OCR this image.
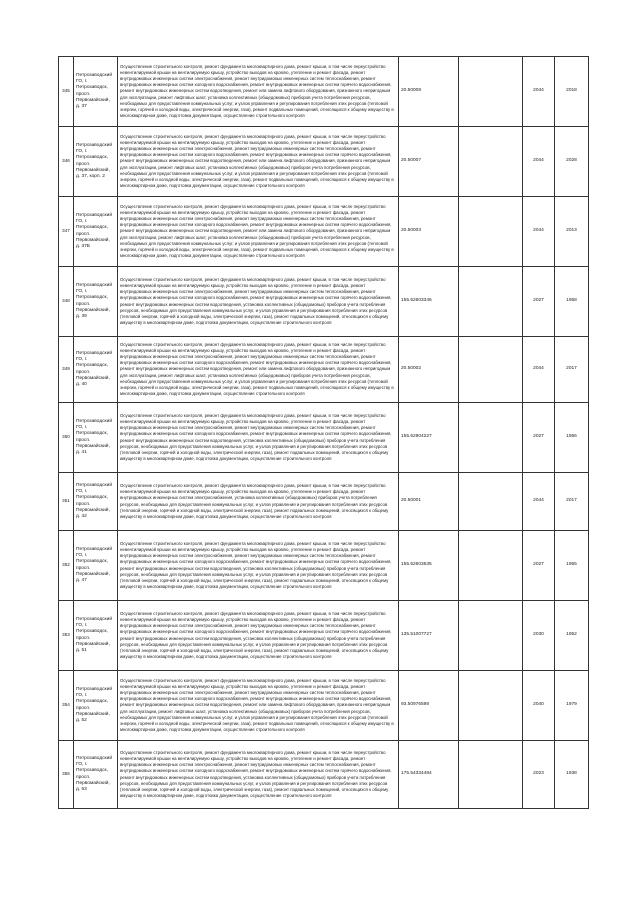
345	Петрозаводский ГО, г. Петрозаводск, просп. Первомайский, д. 37	Осуществление строительного контроля, ремонт фундамента многоквартирного дома, ремонт крыши, в том числе переустройство невентилируемой крыши на вентилируемую крышу, устройство выходов на кровлю, утепление и ремонт фасада, ремонт внутридомовых инженерных систем электроснабжения, ремонт внутридомовых инженерных систем теплоснабжения, ремонт внутридомовых инженерных систем холодного водоснабжения, ремонт внутридомовых инженерных систем горячего водоснабжения, ремонт внутридомовых инженерных систем водоотведения, ремонт или замена лифтового оборудования, признанного непригодным для эксплуатации, ремонт лифтовых шахт, установка коллективных (общедомовых) приборов учета потребления ресурсов, необходимых для предоставления коммунальных услуг, и узлов управления и регулирования потребления этих ресурсов (тепловой энергии, горячей и холодной воды, электрической энергии, газа), ремонт подвальных помещений, относящихся к общему имуществу в многоквартирном доме, подготовка документации, осуществление строительного контроля	20.50008		2044	2018
346	Петрозаводский ГО, г. Петрозаводск, просп. Первомайский, д. 37, корп. 2	Осуществление строительного контроля, ремонт фундамента многоквартирного дома, ремонт крыши, в том числе переустройство невентилируемой крыши на вентилируемую крышу, устройство выходов на кровлю, утепление и ремонт фасада, ремонт внутридомовых инженерных систем электроснабжения, ремонт внутридомовых инженерных систем теплоснабжения, ремонт внутридомовых инженерных систем холодного водоснабжения, ремонт внутридомовых инженерных систем горячего водоснабжения, ремонт внутридомовых инженерных систем водоотведения, ремонт или замена лифтового оборудования, признанного непригодным для эксплуатации, ремонт лифтовых шахт, установка коллективных (общедомовых) приборов учета потребления ресурсов, необходимых для предоставления коммунальных услуг, и узлов управления и регулирования потребления этих ресурсов (тепловой энергии, горячей и холодной воды, электрической энергии, газа), ремонт подвальных помещений, относящихся к общему имуществу в многоквартирном доме, подготовка документации, осуществление строительного контроля	20.50007		2044	2028
347	Петрозаводский ГО, г. Петрозаводск, просп. Первомайский, д. 37Б	Осуществление строительного контроля, ремонт фундамента многоквартирного дома, ремонт крыши, в том числе переустройство невентилируемой крыши на вентилируемую крышу, устройство выходов на кровлю, утепление и ремонт фасада, ремонт внутридомовых инженерных систем электроснабжения, ремонт внутридомовых инженерных систем теплоснабжения, ремонт внутридомовых инженерных систем холодного водоснабжения, ремонт внутридомовых инженерных систем горячего водоснабжения, ремонт внутридомовых инженерных систем водоотведения, ремонт или замена лифтового оборудования, признанного непригодным для эксплуатации, ремонт лифтовых шахт, установка коллективных (общедомовых) приборов учета потребления ресурсов, необходимых для предоставления коммунальных услуг, и узлов управления и регулирования потребления этих ресурсов (тепловой энергии, горячей и холодной воды, электрической энергии, газа), ремонт подвальных помещений, относящихся к общему имуществу в многоквартирном доме, подготовка документации, осуществление строительного контроля	20.50003		2044	2013
348	Петрозаводский ГО, г. Петрозаводск, просп. Первомайский, д. 39	Осуществление строительного контроля, ремонт фундамента многоквартирного дома, ремонт крыши, в том числе переустройство невентилируемой крыши на вентилируемую крышу, устройство выходов на кровлю, утепление и ремонт фасада, ремонт внутридомовых инженерных систем электроснабжения, ремонт внутридомовых инженерных систем теплоснабжения, ремонт внутридомовых инженерных систем холодного водоснабжения, ремонт внутридомовых инженерных систем горячего водоснабжения, ремонт внутридомовых инженерных систем водоотведения, установка коллективных (общедомовых) приборов учета потребления ресурсов, необходимых для предоставления коммунальных услуг, и узлов управления и регулирования потребления этих ресурсов (тепловой энергии, горячей и холодной воды, электрической энергии, газа), ремонт подвальных помещений, относящихся к общему имуществу в многоквартирном доме, подготовка документации, осуществление строительного контроля	155.52603346		2027	1958
349	Петрозаводский ГО, г. Петрозаводск, просп. Первомайский, д. 40	Осуществление строительного контроля, ремонт фундамента многоквартирного дома, ремонт крыши, в том числе переустройство невентилируемой крыши на вентилируемую крышу, устройство выходов на кровлю, утепление и ремонт фасада, ремонт внутридомовых инженерных систем электроснабжения, ремонт внутридомовых инженерных систем теплоснабжения, ремонт внутридомовых инженерных систем холодного водоснабжения, ремонт внутридомовых инженерных систем горячего водоснабжения, ремонт внутридомовых инженерных систем водоотведения, ремонт или замена лифтового оборудования, признанного непригодным для эксплуатации, ремонт лифтовых шахт, установка коллективных (общедомовых) приборов учета потребления ресурсов, необходимых для предоставления коммунальных услуг, и узлов управления и регулирования потребления этих ресурсов (тепловой энергии, горячей и холодной воды, электрической энергии, газа), ремонт подвальных помещений, относящихся к общему имуществу в многоквартирном доме, подготовка документации, осуществление строительного контроля	20.50002		2044	2017
350	Петрозаводский ГО, г. Петрозаводск, просп. Первомайский, д. 41	Осуществление строительного контроля, ремонт фундамента многоквартирного дома, ремонт крыши, в том числе переустройство невентилируемой крыши на вентилируемую крышу, устройство выходов на кровлю, утепление и ремонт фасада, ремонт внутридомовых инженерных систем электроснабжения, ремонт внутридомовых инженерных систем теплоснабжения, ремонт внутридомовых инженерных систем холодного водоснабжения, ремонт внутридомовых инженерных систем горячего водоснабжения, ремонт внутридомовых инженерных систем водоотведения, установка коллективных (общедомовых) приборов учета потребления ресурсов, необходимых для предоставления коммунальных услуг, и узлов управления и регулирования потребления этих ресурсов (тепловой энергии, горячей и холодной воды, электрической энергии, газа), ремонт подвальных помещений, относящихся к общему имуществу в многоквартирном доме, подготовка документации, осуществление строительного контроля	155.52904227		2027	1956
351	Петрозаводский ГО, г. Петрозаводск, просп. Первомайский, д. 42	Осуществление строительного контроля, ремонт фундамента многоквартирного дома, ремонт крыши, в том числе переустройство невентилируемой крыши на вентилируемую крышу, устройство выходов на кровлю, утепление и ремонт фасада, ремонт внутридомовых инженерных систем электроснабжения, установка коллективных (общедомовых) приборов учета потребления ресурсов, необходимых для предоставления коммунальных услуг, и узлов управления и регулирования потребления этих ресурсов (тепловой энергии, горячей и холодной воды, электрической энергии, газа), ремонт подвальных помещений, относящихся к общему имуществу в многоквартирном доме, подготовка документации, осуществление строительного контроля	20.50001		2044	2017
352	Петрозаводский ГО, г. Петрозаводск, просп. Первомайский, д. 47	Осуществление строительного контроля, ремонт фундамента многоквартирного дома, ремонт крыши, в том числе переустройство невентилируемой крыши на вентилируемую крышу, устройство выходов на кровлю, утепление и ремонт фасада, ремонт внутридомовых инженерных систем электроснабжения, ремонт внутридомовых инженерных систем теплоснабжения, ремонт внутридомовых инженерных систем холодного водоснабжения, ремонт внутридомовых инженерных систем горячего водоснабжения, ремонт внутридомовых инженерных систем водоотведения, установка коллективных (общедомовых) приборов учета потребления ресурсов, необходимых для предоставления коммунальных услуг, и узлов управления и регулирования потребления этих ресурсов (тепловой энергии, горячей и холодной воды, электрической энергии, газа), ремонт подвальных помещений, относящихся к общему имуществу в многоквартирном доме, подготовка документации, осуществление строительного контроля	155.52603535		2027	1955
353	Петрозаводский ГО, г. Петрозаводск, просп. Первомайский, д. 51	Осуществление строительного контроля, ремонт фундамента многоквартирного дома, ремонт крыши, в том числе переустройство невентилируемой крыши на вентилируемую крышу, устройство выходов на кровлю, утепление и ремонт фасада, ремонт внутридомовых инженерных систем электроснабжения, ремонт внутридомовых инженерных систем теплоснабжения, ремонт внутридомовых инженерных систем холодного водоснабжения, ремонт внутридомовых инженерных систем горячего водоснабжения, ремонт внутридомовых инженерных систем водоотведения, установка коллективных (общедомовых) приборов учета потребления ресурсов, необходимых для предоставления коммунальных услуг, и узлов управления и регулирования потребления этих ресурсов (тепловой энергии, горячей и холодной воды, электрической энергии, газа), ремонт подвальных помещений, относящихся к общему имуществу в многоквартирном доме, подготовка документации, осуществление строительного контроля	135.51007727		2030	1952
354	Петрозаводский ГО, г. Петрозаводск, просп. Первомайский, д. 52	Осуществление строительного контроля, ремонт фундамента многоквартирного дома, ремонт крыши, в том числе переустройство невентилируемой крыши на вентилируемую крышу, устройство выходов на кровлю, утепление и ремонт фасада, ремонт внутридомовых инженерных систем электроснабжения, ремонт внутридомовых инженерных систем теплоснабжения, ремонт внутридомовых инженерных систем холодного водоснабжения, ремонт внутридомовых инженерных систем горячего водоснабжения, ремонт внутридомовых инженерных систем водоотведения, ремонт или замена лифтового оборудования, признанного непригодным для эксплуатации, ремонт лифтовых шахт, установка коллективных (общедомовых) приборов учета потребления ресурсов, необходимых для предоставления коммунальных услуг, и узлов управления и регулирования потребления этих ресурсов (тепловой энергии, горячей и холодной воды, электрической энергии, газа), ремонт подвальных помещений, относящихся к общему имуществу в многоквартирном доме, подготовка документации, осуществление строительного контроля	93.50976598		2040	1979
355	Петрозаводский ГО, г. Петрозаводск, просп. Первомайский, д. 53	Осуществление строительного контроля, ремонт фундамента многоквартирного дома, ремонт крыши, в том числе переустройство невентилируемой крыши на вентилируемую крышу, устройство выходов на кровлю, утепление и ремонт фасада, ремонт внутридомовых инженерных систем электроснабжения, ремонт внутридомовых инженерных систем теплоснабжения, ремонт внутридомовых инженерных систем холодного водоснабжения, ремонт внутридомовых инженерных систем горячего водоснабжения, ремонт внутридомовых инженерных систем водоотведения, установка коллективных (общедомовых) приборов учета потребления ресурсов, необходимых для предоставления коммунальных услуг, и узлов управления и регулирования потребления этих ресурсов (тепловой энергии, горячей и холодной воды, электрической энергии, газа), ремонт подвальных помещений, относящихся к общему имуществу в многоквартирном доме, подготовка документации, осуществление строительного контроля	175.54334484		2023	1938
